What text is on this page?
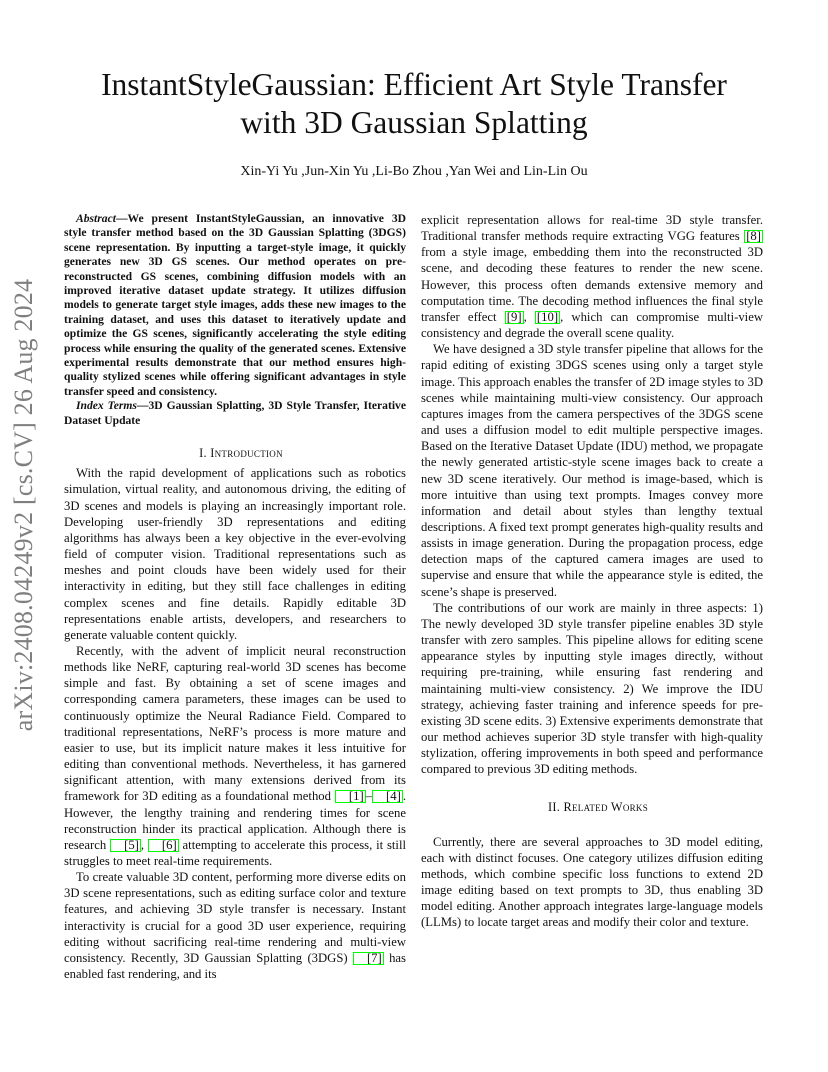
InstantStyleGaussian: Efficient Art Style Transfer
with 3D Gaussian Splatting
Xin-Yi Yu ,Jun-Xin Yu ,Li-Bo Zhou ,Yan Wei and Lin-Lin Ou
arXiv:2408.04249v2 [cs.CV] 26 Aug 2024

Abstract—We present InstantStyleGaussian, an innovative 3D style transfer method based on the 3D Gaussian Splatting (3DGS) scene representation. By inputting a target-style image, it quickly generates new 3D GS scenes. Our method operates on pre-reconstructed GS scenes, combining diffusion models with an improved iterative dataset update strategy. It utilizes diffusion models to generate target style images, adds these new images to the training dataset, and uses this dataset to iteratively update and optimize the GS scenes, significantly accelerating the style editing process while ensuring the quality of the generated scenes. Extensive experimental results demonstrate that our method ensures high-quality stylized scenes while offering significant advantages in style transfer speed and consistency.

Index Terms—3D Gaussian Splatting, 3D Style Transfer, Iterative Dataset Update

I. Introduction

With the rapid development of applications such as robotics simulation, virtual reality, and autonomous driving, the editing of 3D scenes and models is playing an increasingly important role. Developing user-friendly 3D representations and editing algorithms has always been a key objective in the ever-evolving field of computer vision. Traditional representations such as meshes and point clouds have been widely used for their interactivity in editing, but they still face challenges in editing complex scenes and fine details. Rapidly editable 3D representations enable artists, developers, and researchers to generate valuable content quickly.

Recently, with the advent of implicit neural reconstruction methods like NeRF, capturing real-world 3D scenes has become simple and fast. By obtaining a set of scene images and corresponding camera parameters, these images can be used to continuously optimize the Neural Radiance Field. Compared to traditional representations, NeRF’s process is more mature and easier to use, but its implicit nature makes it less intuitive for editing than conventional methods. Nevertheless, it has garnered significant attention, with many extensions derived from its framework for 3D editing as a foundational method [1] – [4] . However, the lengthy training and rendering times for scene reconstruction hinder its practical application. Although there is research [5] , [6] attempting to accelerate this process, it still struggles to meet real-time requirements.

To create valuable 3D content, performing more diverse edits on 3D scene representations, such as editing surface color and texture features, and achieving 3D style transfer is necessary. Instant interactivity is crucial for a good 3D user experience, requiring editing without sacrificing real-time rendering and multi-view consistency. Recently, 3D Gaussian Splatting (3DGS) [7] has enabled fast rendering, and its

explicit representation allows for real-time 3D style transfer. Traditional transfer methods require extracting VGG features [8] from a style image, embedding them into the reconstructed 3D scene, and decoding these features to render the new scene. However, this process often demands extensive memory and computation time. The decoding method influences the final style transfer effect [9] , [10] , which can compromise multi-view consistency and degrade the overall scene quality.

We have designed a 3D style transfer pipeline that allows for the rapid editing of existing 3DGS scenes using only a target style image. This approach enables the transfer of 2D image styles to 3D scenes while maintaining multi-view consistency. Our approach captures images from the camera perspectives of the 3DGS scene and uses a diffusion model to edit multiple perspective images. Based on the Iterative Dataset Update (IDU) method, we propagate the newly generated artistic-style scene images back to create a new 3D scene iteratively. Our method is image-based, which is more intuitive than using text prompts. Images convey more information and detail about styles than lengthy textual descriptions. A fixed text prompt generates high-quality results and assists in image generation. During the propagation process, edge detection maps of the captured camera images are used to supervise and ensure that while the appearance style is edited, the scene’s shape is preserved.

The contributions of our work are mainly in three aspects: 1) The newly developed 3D style transfer pipeline enables 3D style transfer with zero samples. This pipeline allows for editing scene appearance styles by inputting style images directly, without requiring pre-training, while ensuring fast rendering and maintaining multi-view consistency. 2) We improve the IDU strategy, achieving faster training and inference speeds for pre-existing 3D scene edits. 3) Extensive experiments demonstrate that our method achieves superior 3D style transfer with high-quality stylization, offering improvements in both speed and performance compared to previous 3D editing methods.

II. Related Works

Currently, there are several approaches to 3D model editing, each with distinct focuses. One category utilizes diffusion editing methods, which combine specific loss functions to extend 2D image editing based on text prompts to 3D, thus enabling 3D model editing. Another approach integrates large-language models (LLMs) to locate target areas and modify their color and texture.
